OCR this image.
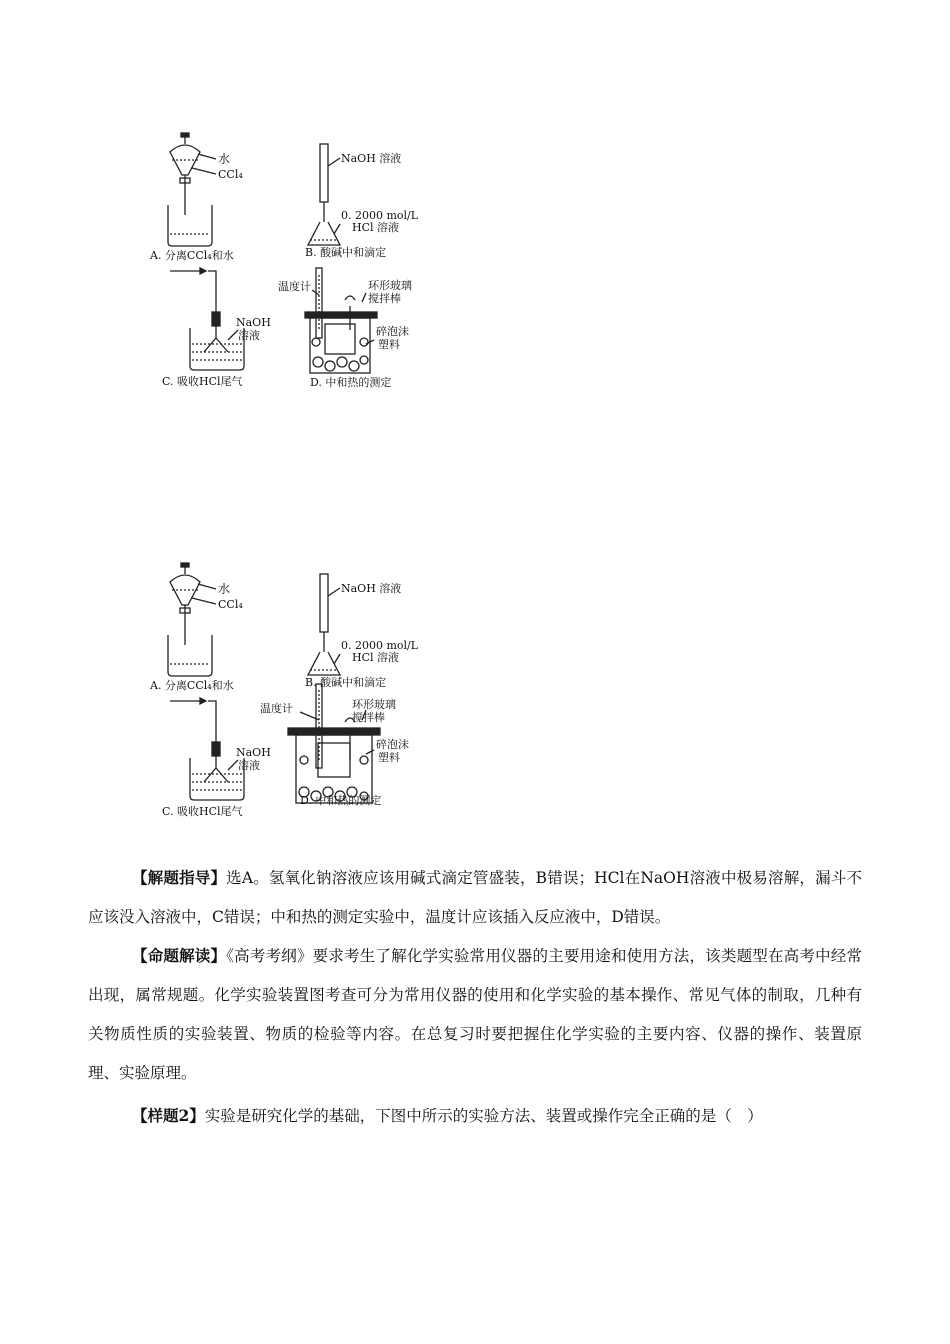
水
CCl₄
A. 分离CCl₄和水
NaOH 溶液
0. 2000 mol/L
HCl 溶液
B. 酸碱中和滴定
NaOH
溶液
C. 吸收HCl尾气
温度计	环形玻璃
搅拌棒
碎泡沫
塑料
D. 中和热的测定
水
CCl₄
A. 分离CCl₄和水
NaOH 溶液
0. 2000 mol/L
HCl 溶液
B. 酸碱中和滴定
NaOH
溶液
C. 吸收HCl尾气
温度计	环形玻璃
搅拌棒
碎泡沫
塑料
D. 中和热的测定
【解题指导】选A。氢氧化钠溶液应该用碱式滴定管盛装，B错误；HCl在NaOH溶液中极易溶解，漏斗不应该没入溶液中，C错误；中和热的测定实验中，温度计应该插入反应液中，D错误。
【命题解读】《高考考纲》要求考生了解化学实验常用仪器的主要用途和使用方法，该类题型在高考中经常出现，属常规题。化学实验装置图考查可分为常用仪器的使用和化学实验的基本操作、常见气体的制取，几种有关物质性质的实验装置、物质的检验等内容。在总复习时要把握住化学实验的主要内容、仪器的操作、装置原理、实验原理。
【样题2】实验是研究化学的基础，下图中所示的实验方法、装置或操作完全正确的是（　）
